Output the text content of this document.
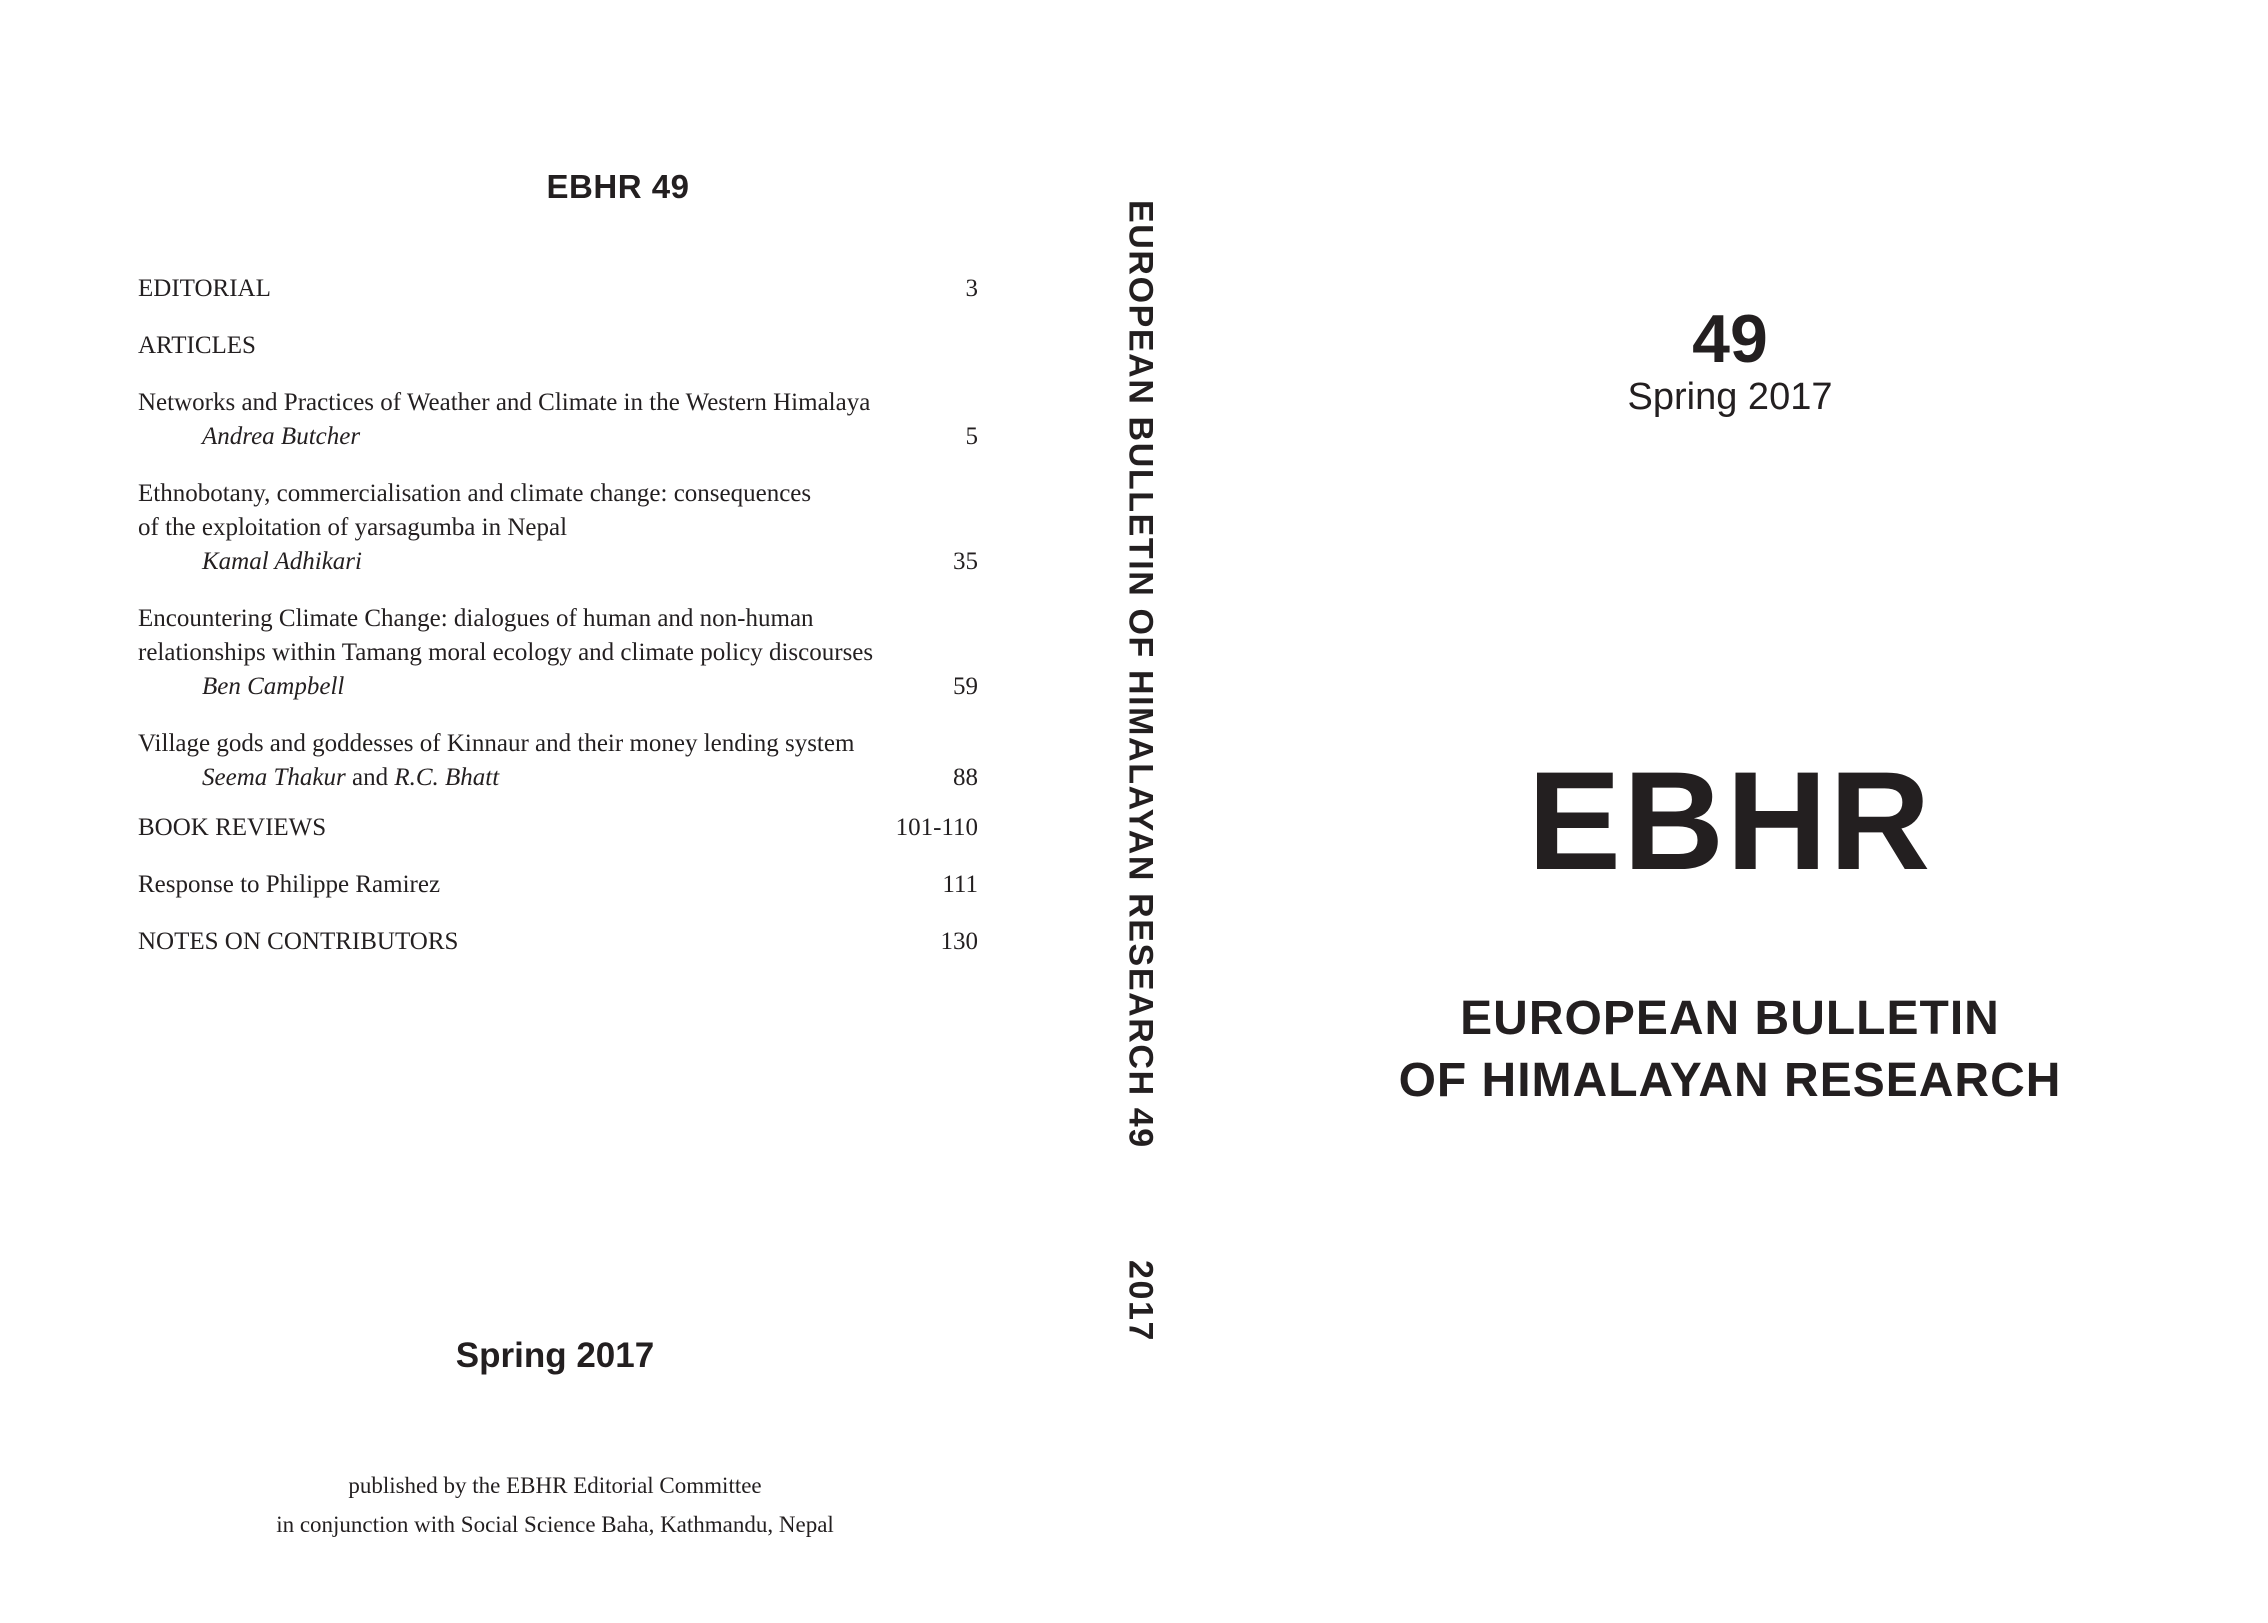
EBHR 49
EDITORIAL	3
ARTICLES
Networks and Practices of Weather and Climate in the Western Himalaya
Andrea Butcher	5
Ethnobotany, commercialisation and climate change: consequences
of the exploitation of yarsagumba in Nepal
Kamal Adhikari	35
Encountering Climate Change: dialogues of human and non-human
relationships within Tamang moral ecology and climate policy discourses
Ben Campbell	59
Village gods and goddesses of Kinnaur and their money lending system
Seema Thakur and R.C. Bhatt	88
BOOK REVIEWS	101-110
Response to Philippe Ramirez	111
NOTES ON CONTRIBUTORS	130
Spring 2017
published by the EBHR Editorial Committee
in conjunction with Social Science Baha, Kathmandu, Nepal
EUROPEAN BULLETIN OF HIMALAYAN RESEARCH 49
2017
49
Spring 2017
EBHR
EUROPEAN BULLETIN
OF HIMALAYAN RESEARCH
